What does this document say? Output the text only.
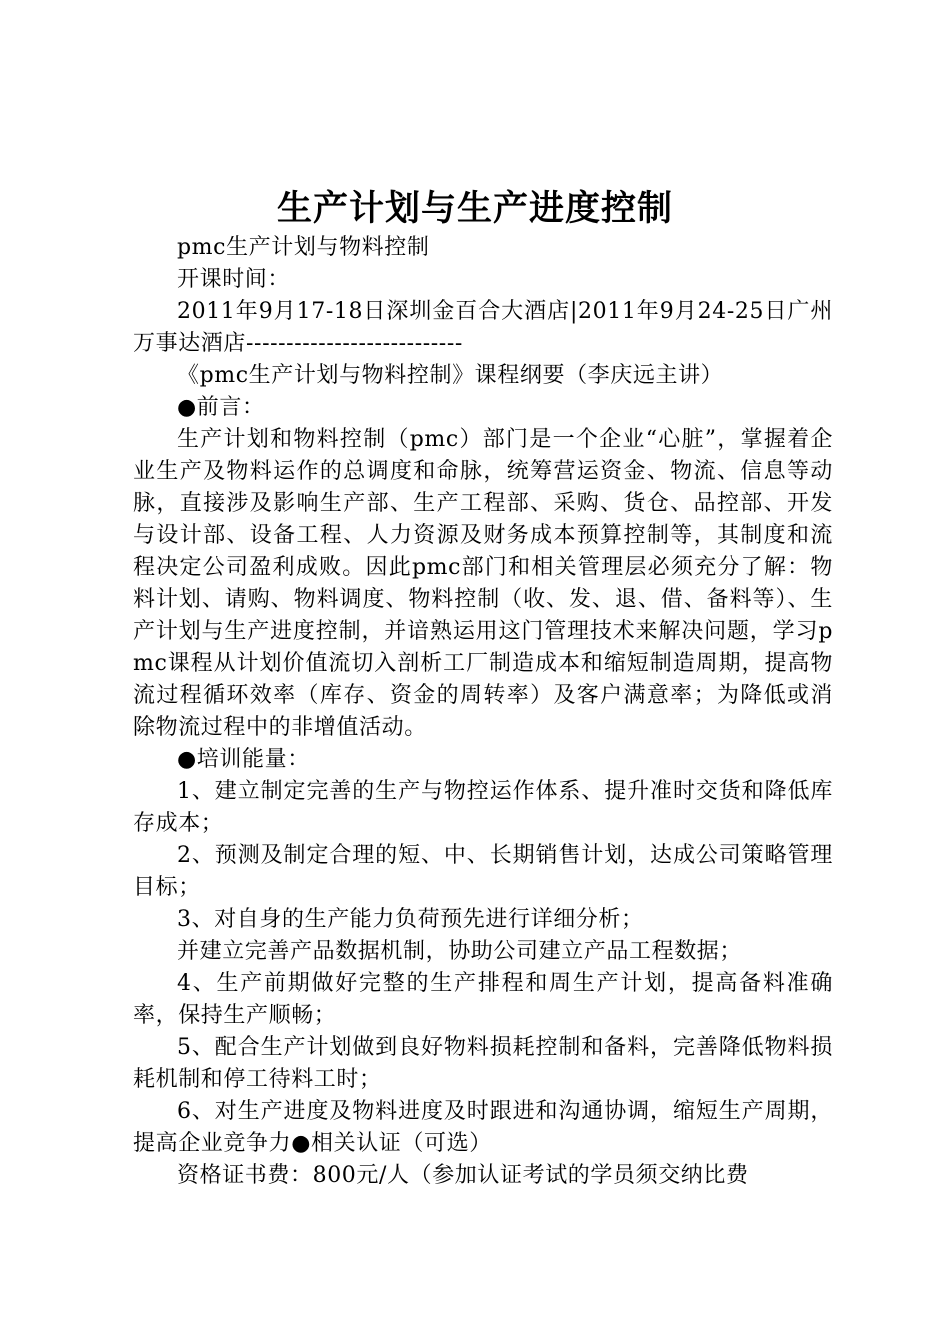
生产计划与生产进度控制

pmc生产计划与物料控制

开课时间：

2011年9月17-18日深圳金百合大酒店|2011年9月24-25日广州万事达酒店---------------------------

《pmc生产计划与物料控制》课程纲要（李庆远主讲）

●前言：

生产计划和物料控制（pmc）部门是一个企业“心脏”，掌握着企业生产及物料运作的总调度和命脉，统筹营运资金、物流、信息等动脉，直接涉及影响生产部、生产工程部、采购、货仓、品控部、开发与设计部、设备工程、人力资源及财务成本预算控制等，其制度和流程决定公司盈利成败。因此pmc部门和相关管理层必须充分了解：物料计划、请购、物料调度、物料控制（收、发、退、借、备料等）、生产计划与生产进度控制，并谙熟运用这门管理技术来解决问题，学习pmc课程从计划价值流切入剖析工厂制造成本和缩短制造周期，提高物流过程循环效率（库存、资金的周转率）及客户满意率；为降低或消除物流过程中的非增值活动。

●培训能量：

1、建立制定完善的生产与物控运作体系、提升准时交货和降低库存成本；

2、预测及制定合理的短、中、长期销售计划，达成公司策略管理目标；

3、对自身的生产能力负荷预先进行详细分析；

并建立完善产品数据机制，协助公司建立产品工程数据；

4、生产前期做好完整的生产排程和周生产计划，提高备料准确率，保持生产顺畅；

5、配合生产计划做到良好物料损耗控制和备料，完善降低物料损耗机制和停工待料工时；

6、对生产进度及物料进度及时跟进和沟通协调，缩短生产周期，提高企业竞争力●相关认证（可选）

资格证书费：800元/人（参加认证考试的学员须交纳比费
